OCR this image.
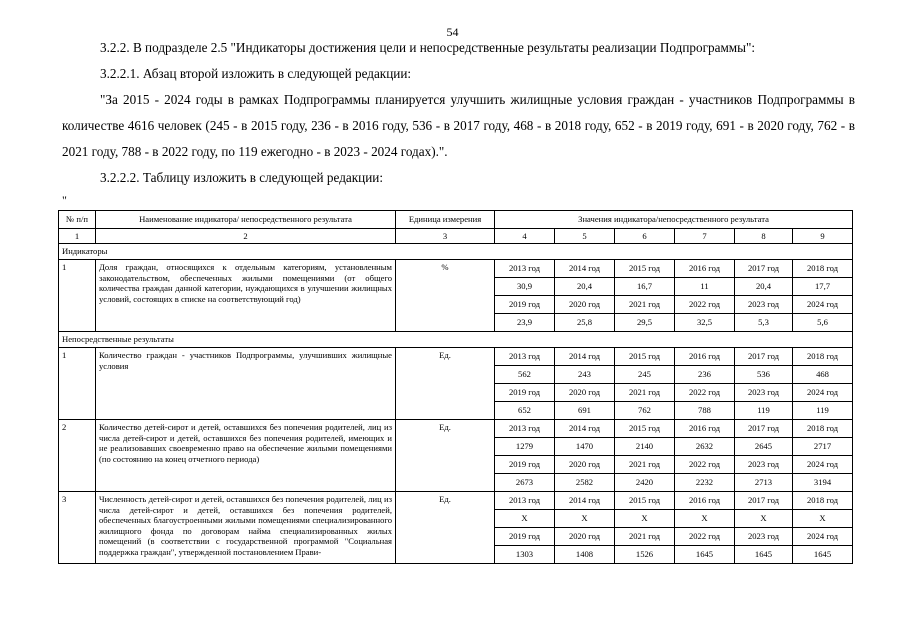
54
3.2.2. В подразделе 2.5 "Индикаторы достижения цели и непосредственные результаты реализации Подпрограммы":
3.2.2.1. Абзац второй изложить в следующей редакции:
"За 2015 - 2024 годы в рамках Подпрограммы планируется улучшить жилищные условия граждан - участников Подпрограммы в количестве 4616 человек (245 - в 2015 году, 236 - в 2016 году, 536 - в 2017 году, 468 - в 2018 году, 652 - в 2019 году, 691 - в 2020 году, 762 - в 2021 году, 788 - в 2022 году, по 119 ежегодно - в 2023 - 2024 годах).".
3.2.2.2. Таблицу изложить в следующей редакции:
"
№ п/п	Наименование индикатора/ непосредственного результата	Единица измерения	Значения индикатора/непосредственного результата					
1	2	3	4	5	6	7	8	9
Индикаторы								
1	Доля граждан, относящихся к отдельным категориям, установленным законодательством, обеспеченных жилыми помещениями (от общего количества граждан данной категории, нуждающихся в улучшении жилищных условий, состоящих в списке на соответствующий год)	%	2013 год	2014 год	2015 год	2016 год	2017 год	2018 год
			30,9	20,4	16,7	11	20,4	17,7
			2019 год	2020 год	2021 год	2022 год	2023 год	2024 год
			23,9	25,8	29,5	32,5	5,3	5,6
Непосредственные результаты								
1	Количество граждан - участников Подпрограммы, улучшивших жилищные условия	Ед.	2013 год	2014 год	2015 год	2016 год	2017 год	2018 год
			562	243	245	236	536	468
			2019 год	2020 год	2021 год	2022 год	2023 год	2024 год
			652	691	762	788	119	119
2	Количество детей-сирот и детей, оставшихся без попечения родителей, лиц из числа детей-сирот и детей, оставшихся без попечения родителей, имеющих и не реализовавших своевременно право на обеспечение жилыми помещениями (по состоянию на конец отчетного периода)	Ед.	2013 год	2014 год	2015 год	2016 год	2017 год	2018 год
			1279	1470	2140	2632	2645	2717
			2019 год	2020 год	2021 год	2022 год	2023 год	2024 год
			2673	2582	2420	2232	2713	3194
3	Численность детей-сирот и детей, оставшихся без попечения родителей, лиц из числа детей-сирот и детей, оставшихся без попечения родителей, обеспеченных благоустроенными жилыми помещениями специализированного жилищного фонда по договорам найма специализированных жилых помещений (в соответствии с государственной программой "Социальная поддержка граждан", утвержденной постановлением Прави-	Ед.	2013 год	2014 год	2015 год	2016 год	2017 год	2018 год
			X	X	X	X	X	X
			2019 год	2020 год	2021 год	2022 год	2023 год	2024 год
			1303	1408	1526	1645	1645	1645
